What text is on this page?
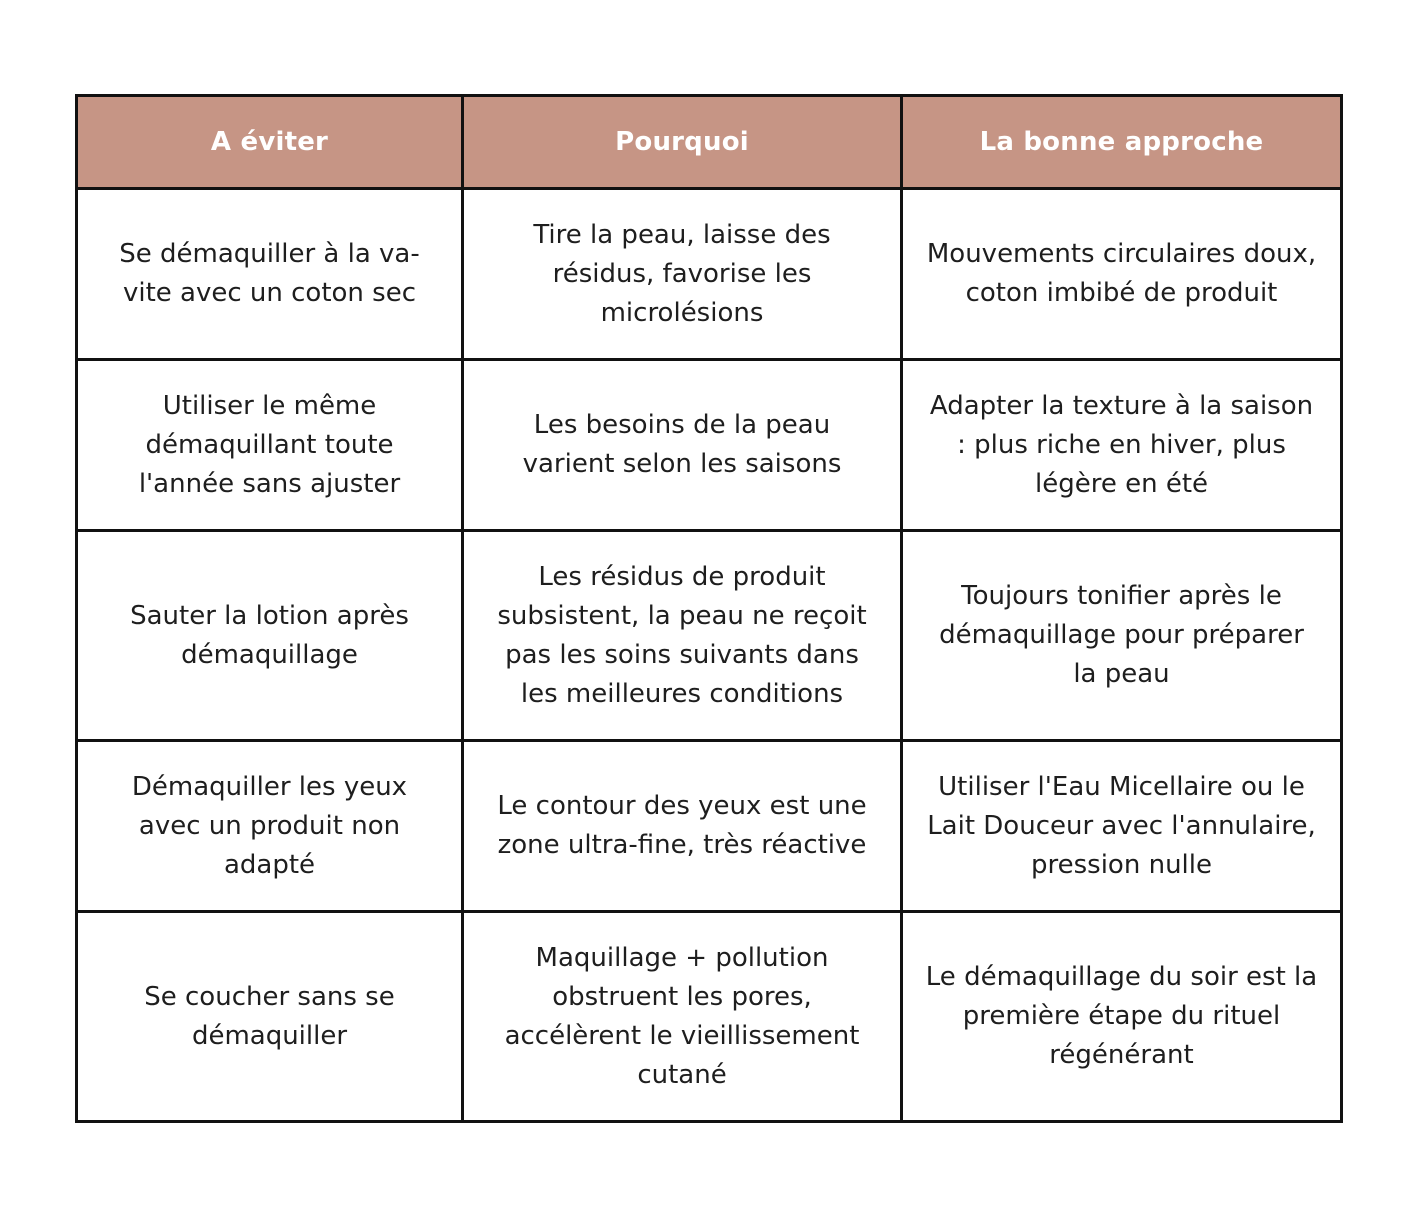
A éviter	Pourquoi	La bonne approche
Se démaquiller à la va-vite avec un coton sec	Tire la peau, laisse des résidus, favorise les microlésions	Mouvements circulaires doux, coton imbibé de produit
Utiliser le même démaquillant toute l'année sans ajuster	Les besoins de la peau varient selon les saisons	Adapter la texture à la saison : plus riche en hiver, plus légère en été
Sauter la lotion après démaquillage	Les résidus de produit subsistent, la peau ne reçoit pas les soins suivants dans les meilleures conditions	Toujours tonifier après le démaquillage pour préparer la peau
Démaquiller les yeux avec un produit non adapté	Le contour des yeux est une zone ultra-fine, très réactive	Utiliser l'Eau Micellaire ou le Lait Douceur avec l'annulaire, pression nulle
Se coucher sans se démaquiller	Maquillage + pollution obstruent les pores, accélèrent le vieillissement cutané	Le démaquillage du soir est la première étape du rituel régénérant
